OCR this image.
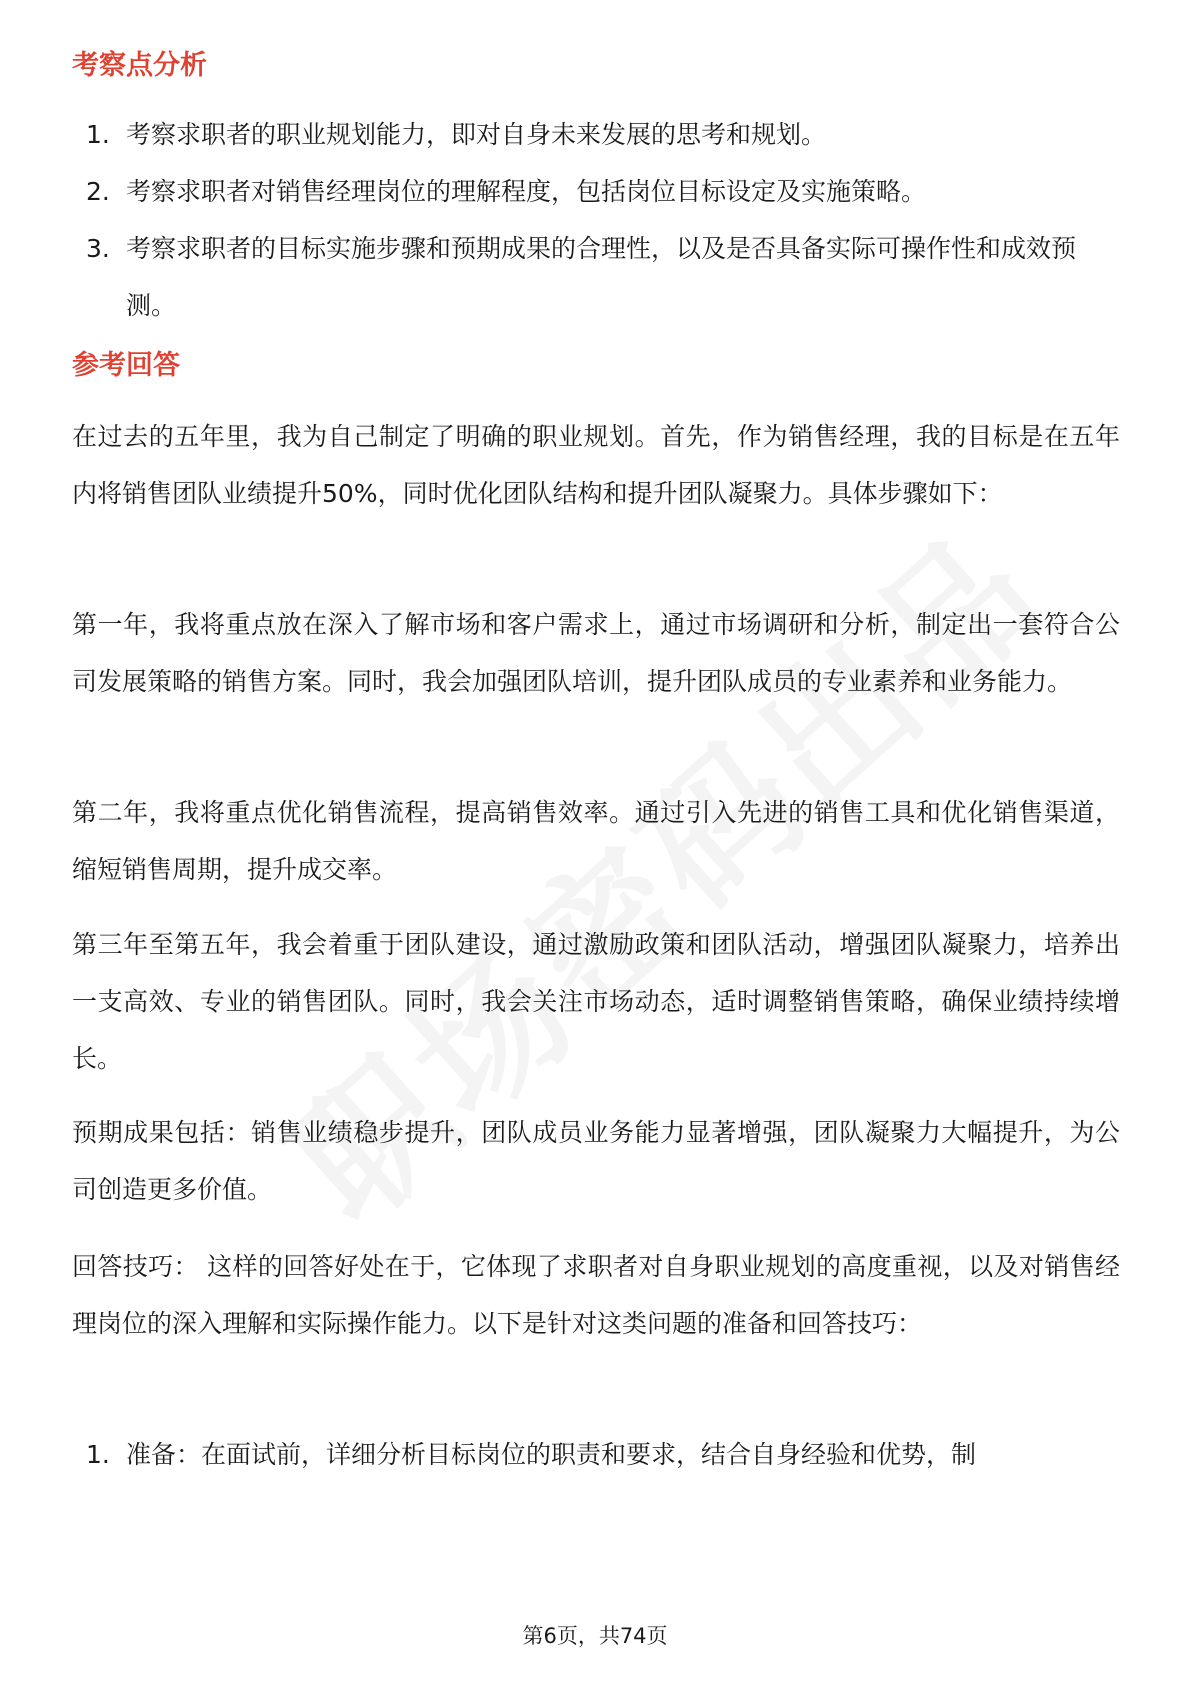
考察点分析
1. 考察求职者的职业规划能力，即对自身未来发展的思考和规划。
2. 考察求职者对销售经理岗位的理解程度，包括岗位目标设定及实施策略。
3. 考察求职者的目标实施步骤和预期成果的合理性，以及是否具备实际可操作性和成效预测。
参考回答

在过去的五年里，我为自己制定了明确的职业规划。首先，作为销售经理，我的目标是在五年内将销售团队业绩提升50%，同时优化团队结构和提升团队凝聚力。具体步骤如下：

第一年，我将重点放在深入了解市场和客户需求上，通过市场调研和分析，制定出一套符合公司发展策略的销售方案。同时，我会加强团队培训，提升团队成员的专业素养和业务能力。

第二年，我将重点优化销售流程，提高销售效率。通过引入先进的销售工具和优化销售渠道，缩短销售周期，提升成交率。

第三年至第五年，我会着重于团队建设，通过激励政策和团队活动，增强团队凝聚力，培养出一支高效、专业的销售团队。同时，我会关注市场动态，适时调整销售策略，确保业绩持续增长。

预期成果包括：销售业绩稳步提升，团队成员业务能力显著增强，团队凝聚力大幅提升，为公司创造更多价值。

回答技巧： 这样的回答好处在于，它体现了求职者对自身职业规划的高度重视，以及对销售经理岗位的深入理解和实际操作能力。以下是针对这类问题的准备和回答技巧：

1. 准备：在面试前，详细分析目标岗位的职责和要求，结合自身经验和优势，制
第6页，共74页
